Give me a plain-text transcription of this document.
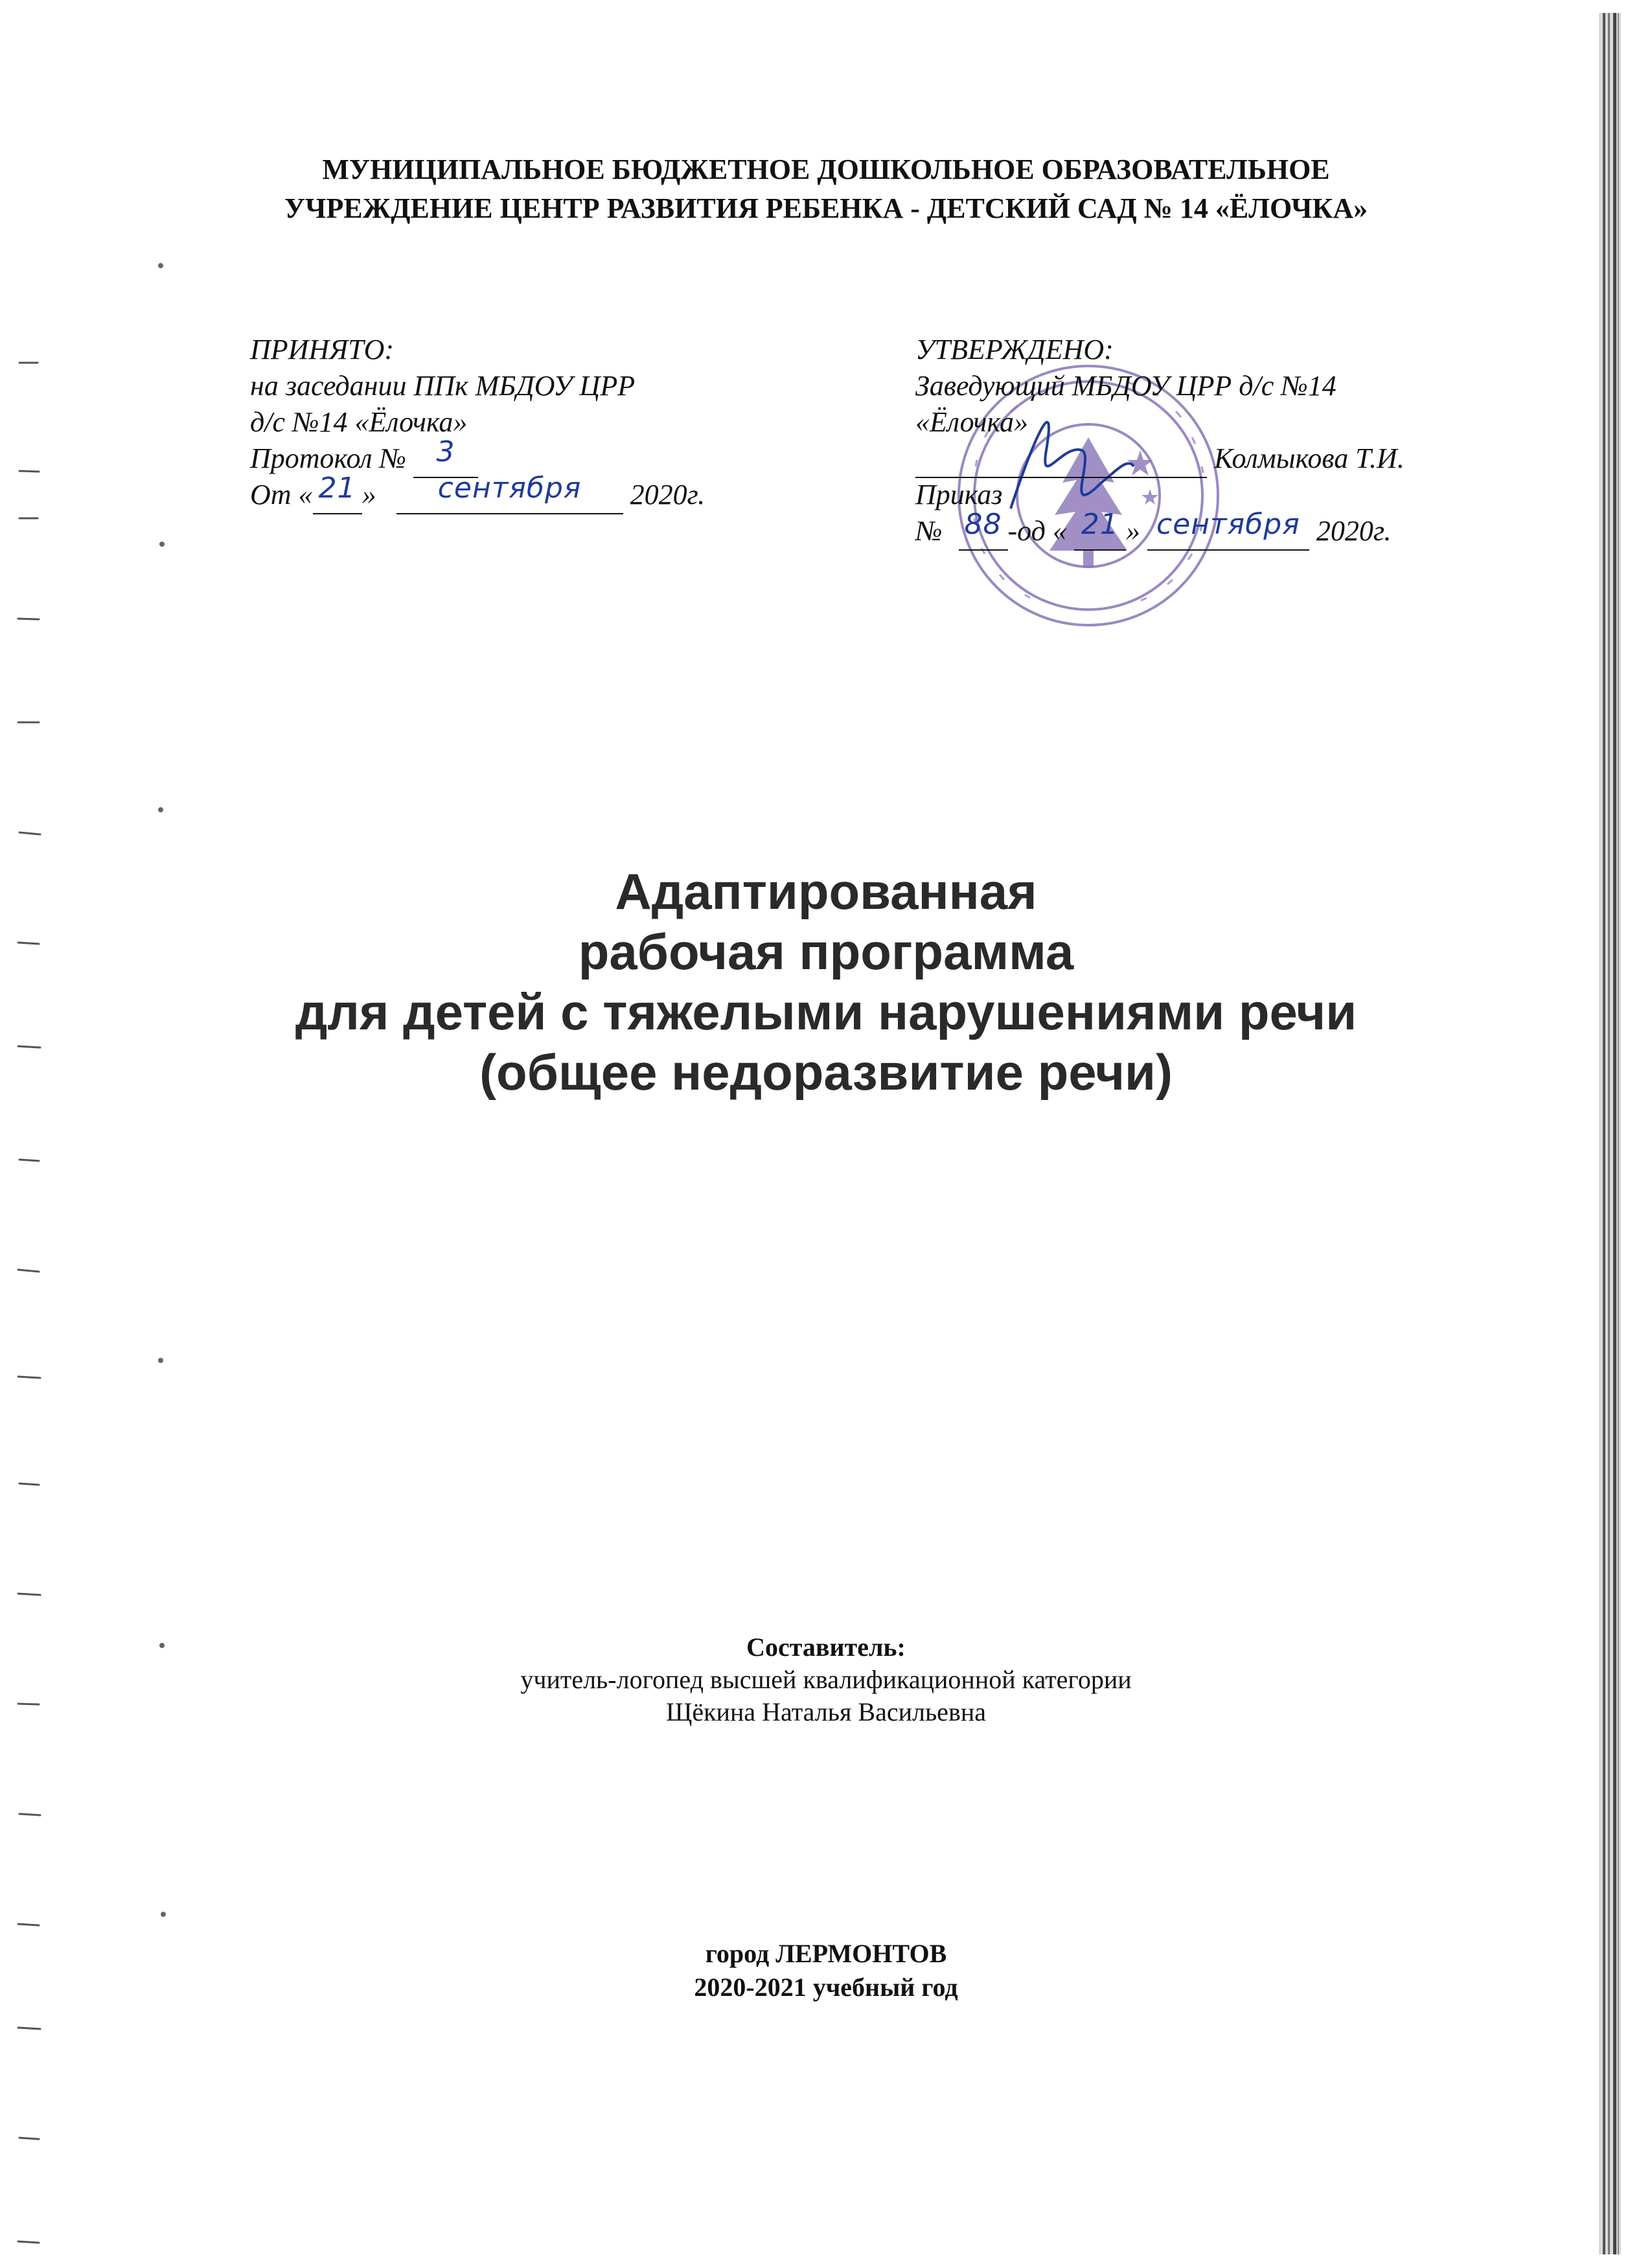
МУНИЦИПАЛЬНОЕ БЮДЖЕТНОЕ ДОШКОЛЬНОЕ ОБРАЗОВАТЕЛЬНОЕ
УЧРЕЖДЕНИЕ ЦЕНТР РАЗВИТИЯ РЕБЕНКА - ДЕТСКИЙ САД № 14 «ЁЛОЧКА»
ПРИНЯТО:
на заседании ППк МБДОУ ЦРР
д/с №14 «Ёлочка»
Протокол № 3
От « 21 » сентября 2020г.
УТВЕРЖДЕНО:
Заведующий МБДОУ ЦРР д/с №14
«Ёлочка»
Колмыкова Т.И.
Приказ
№ 88 -од « 21 » сентября 2020г.
Адаптированная
рабочая программа
для детей с тяжелыми нарушениями речи
(общее недоразвитие речи)
Составитель:
учитель-логопед высшей квалификационной категории
Щёкина Наталья Васильевна
город ЛЕРМОНТОВ
2020-2021 учебный год
